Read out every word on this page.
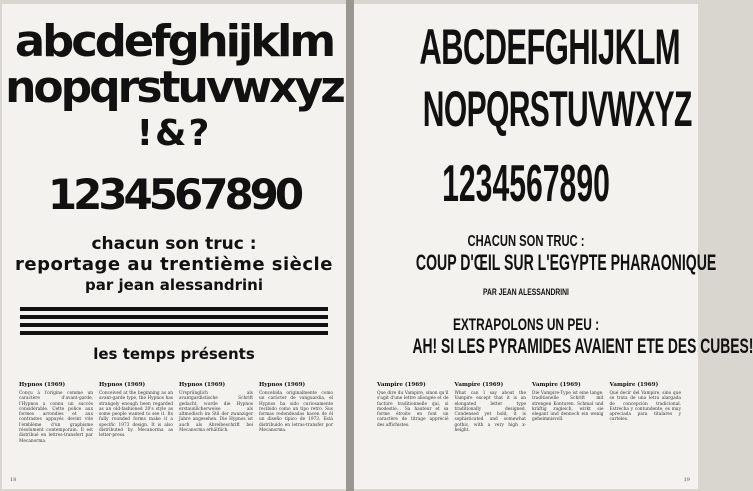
abcdefghijklm
nopqrstuvwxyz
!&?
1234567890
chacun son truc :
reportage au trentième siècle
par jean alessandrini
les temps présents
Hypnos (1969)
Conçu à l'origine comme un caractère d'avant-garde, l'Hypnos a connu un succès considérable. Cette police aux formes arrondies et aux contrastes appuyés devint vite l'emblème d'un graphisme résolument contemporain. Il est distribué en lettres-transfert par Mecanorma.
Hypnos (1969)
Conceived at the beginning as an avant-garde type, the Hypnos has strangely enough been regarded as an old-fashioned 20's style as some people wanted to see it. Its fully rounded forms make it a specific 1973 design. It is also distributed by Mecanorma as letter-press.
Hypnos (1969)
Ursprünglich als avantgardistische Schrift gedacht, wurde die Hypnos erstaunlicherweise als altmodisch im Stil der zwanziger Jahre angesehen. Die Hypnos ist auch als Abreibeschrift bei Mecanorma erhältlich.
Hypnos (1969)
Concebida originalmente como un carácter de vanguardia, el Hypnos ha sido curiosamente recibido como un tipo retro. Sus formas redondeadas hacen de él un diseño típico de 1973. Está distribuido en letras-transfer por Mecanorma.
18
ABCDEFGHIJKLM
NOPQRSTUVWXYZ
1234567890
CHACUN SON TRUC :
COUP D'ŒIL SUR L'EGYPTE PHARAONIQUE
PAR JEAN ALESSANDRINI
EXTRAPOLONS UN PEU :
AH! SI LES PYRAMIDES AVAIENT ETE DES CUBES!
Vampire (1969)
Que dire du Vampire, sinon qu'il s'agit d'une lettre allongée et de facture traditionnelle qui, si modestie... Sa hauteur et sa forme étroite en font un caractère de titrage apprécié des affichistes.
Vampire (1969)
What can I say about the Vampire except that it is an elongated letter type traditionally designed. Condensed yet bold, it is sophisticated and somewhat gothic, with a very high x-height.
Vampire (1969)
Die Vampire-Type ist eine lange, traditionelle Schrift mit strengen Konturen. Schmal und kräftig zugleich, wirkt sie elegant und dennoch ein wenig geheimnisvoll.
Vampire (1969)
Qué decir del Vampire, sino que se trata de una letra alargada de concepción tradicional. Estrecha y contundente, es muy apreciada para titulares y carteles.
19
